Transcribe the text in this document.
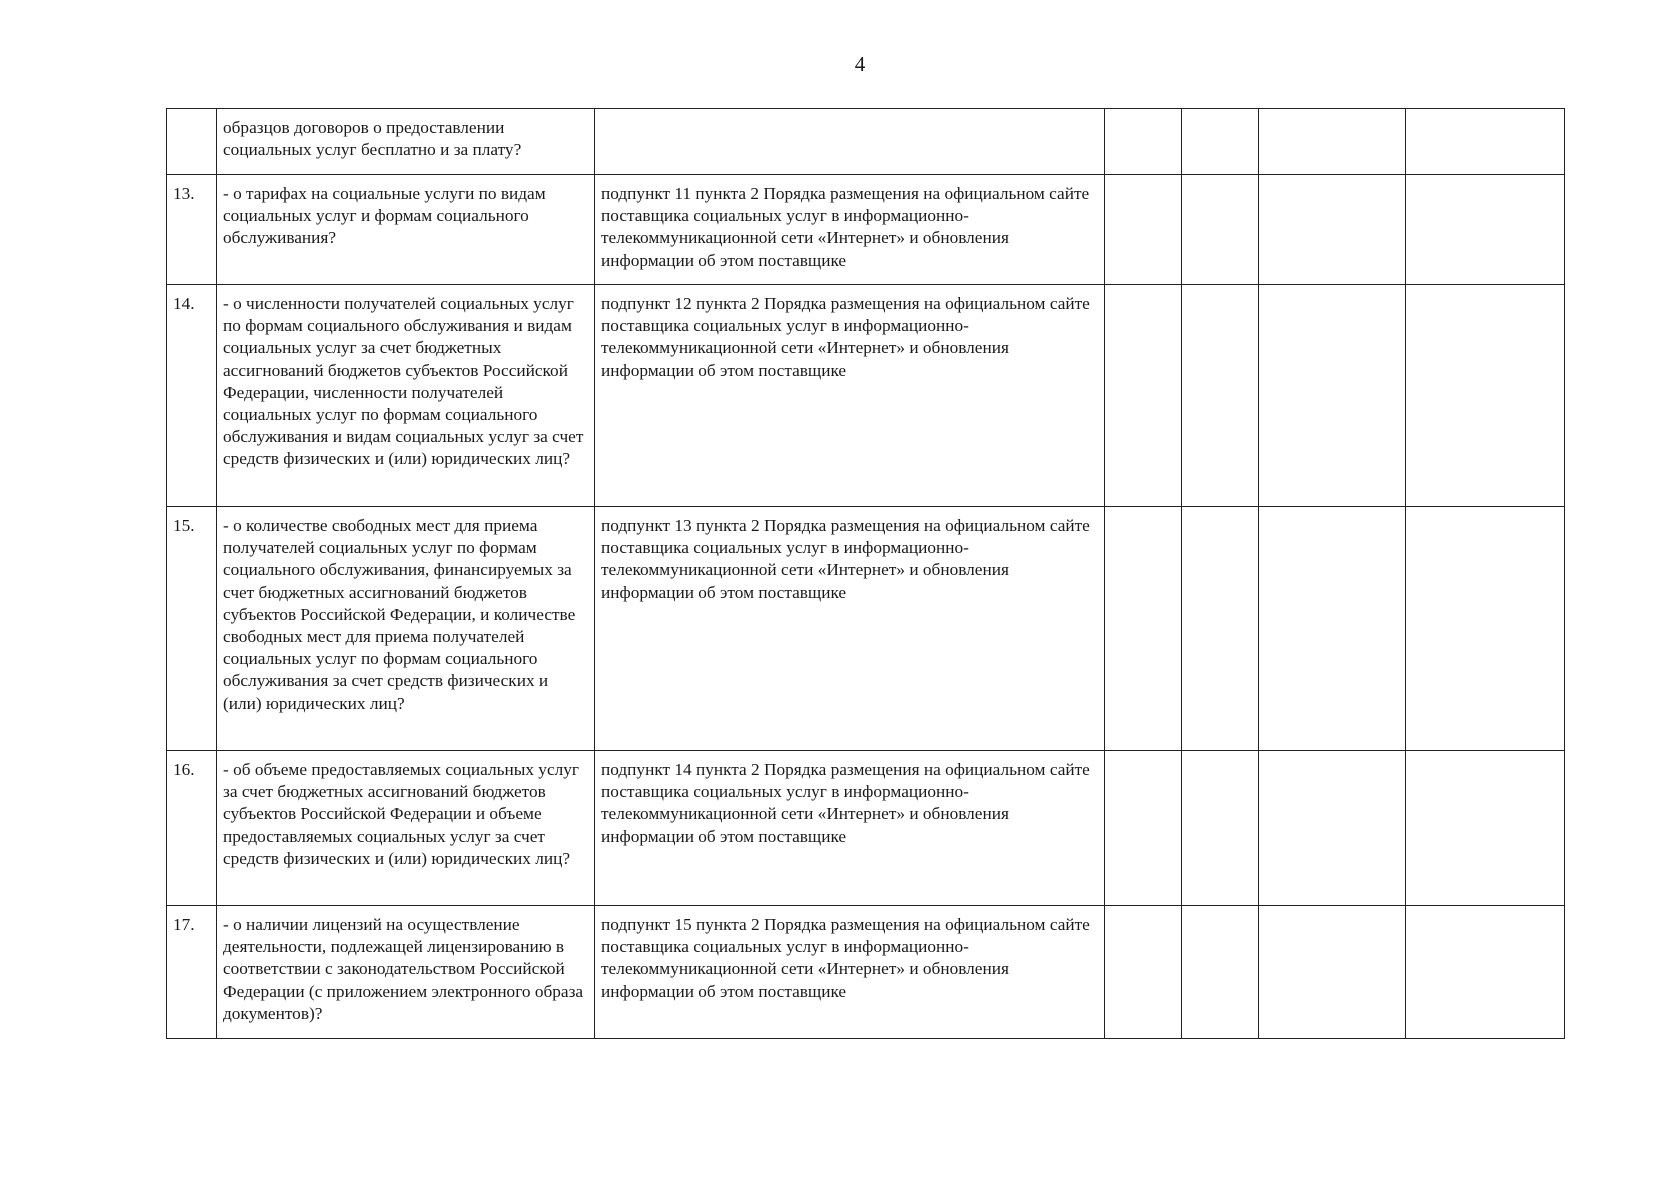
4
	образцов договоров о предоставлении социальных услуг бесплатно и за плату?					
13.	- о тарифах на социальные услуги по видам социальных услуг и формам социального обслуживания?	подпункт 11 пункта 2 Порядка размещения на официальном сайте поставщика социальных услуг в информационно-телекоммуникационной сети «Интернет» и обновления информации об этом поставщике				
14.	- о численности получателей социальных услуг по формам социального обслуживания и видам социальных услуг за счет бюджетных ассигнований бюджетов субъектов Российской Федерации, численности получателей социальных услуг по формам социального обслуживания и видам социальных услуг за счет средств физических и (или) юридических лиц?	подпункт 12 пункта 2 Порядка размещения на официальном сайте поставщика социальных услуг в информационно-телекоммуникационной сети «Интернет» и обновления информации об этом поставщике				
15.	- о количестве свободных мест для приема получателей социальных услуг по формам социального обслуживания, финансируемых за счет бюджетных ассигнований бюджетов субъектов Российской Федерации, и количестве свободных мест для приема получателей социальных услуг по формам социального обслуживания за счет средств физических и (или) юридических лиц?	подпункт 13 пункта 2 Порядка размещения на официальном сайте поставщика социальных услуг в информационно-телекоммуникационной сети «Интернет» и обновления информации об этом поставщике				
16.	- об объеме предоставляемых социальных услуг за счет бюджетных ассигнований бюджетов субъектов Российской Федерации и объеме предоставляемых социальных услуг за счет средств физических и (или) юридических лиц?	подпункт 14 пункта 2 Порядка размещения на официальном сайте поставщика социальных услуг в информационно-телекоммуникационной сети «Интернет» и обновления информации об этом поставщике				
17.	- о наличии лицензий на осуществление деятельности, подлежащей лицензированию в соответствии с законодательством Российской Федерации (с приложением электронного образа документов)?	подпункт 15 пункта 2 Порядка размещения на официальном сайте поставщика социальных услуг в информационно-телекоммуникационной сети «Интернет» и обновления информации об этом поставщике				
